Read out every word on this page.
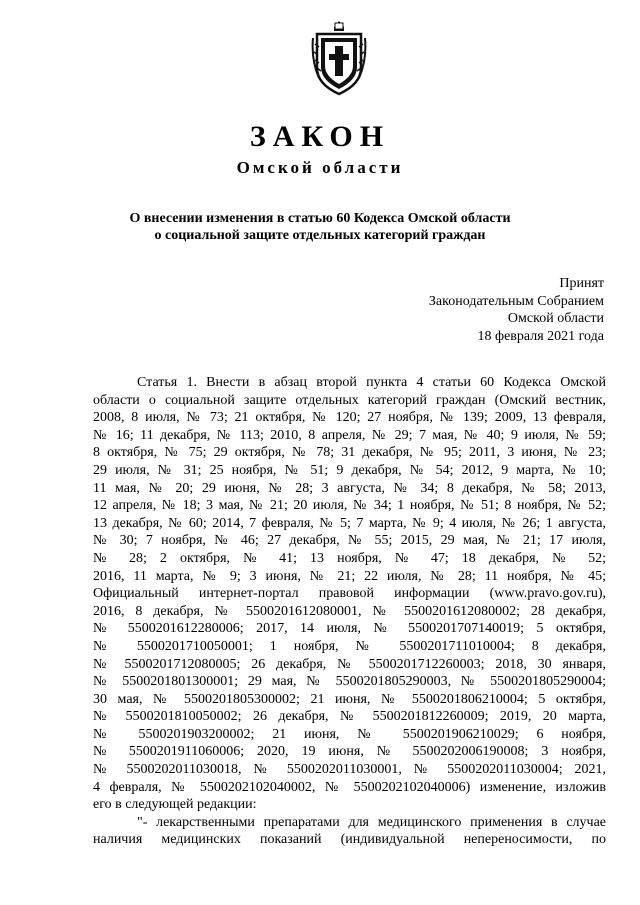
ЗАКОН
Омской области
О внесении изменения в статью 60 Кодекса Омской области
о социальной защите отдельных категорий граждан
Принят
Законодательным Собранием
Омской области
18 февраля 2021 года
Статья 1. Внести в абзац второй пункта 4 статьи 60 Кодекса Омской
области о социальной защите отдельных категорий граждан (Омский вестник,
2008, 8 июля, № 73; 21 октября, № 120; 27 ноября, № 139; 2009, 13 февраля,
№ 16; 11 декабря, № 113; 2010, 8 апреля, № 29; 7 мая, № 40; 9 июля, № 59;
8 октября, № 75; 29 октября, № 78; 31 декабря, № 95; 2011, 3 июня, № 23;
29 июля, № 31; 25 ноября, № 51; 9 декабря, № 54; 2012, 9 марта, № 10;
11 мая, № 20; 29 июня, № 28; 3 августа, № 34; 8 декабря, № 58; 2013,
12 апреля, № 18; 3 мая, № 21; 20 июля, № 34; 1 ноября, № 51; 8 ноября, № 52;
13 декабря, № 60; 2014, 7 февраля, № 5; 7 марта, № 9; 4 июля, № 26; 1 августа,
№ 30; 7 ноября, № 46; 27 декабря, № 55; 2015, 29 мая, № 21; 17 июля,
№ 28; 2 октября, № 41; 13 ноября, № 47; 18 декабря, № 52;
2016, 11 марта, № 9; 3 июня, № 21; 22 июля, № 28; 11 ноября, № 45;
Официальный интернет-портал правовой информации (www.pravo.gov.ru),
2016, 8 декабря, № 5500201612080001, № 5500201612080002; 28 декабря,
№ 5500201612280006; 2017, 14 июля, № 5500201707140019; 5 октября,
№ 5500201710050001; 1 ноября, № 5500201711010004; 8 декабря,
№ 5500201712080005; 26 декабря, № 5500201712260003; 2018, 30 января,
№ 5500201801300001; 29 мая, № 5500201805290003, № 5500201805290004;
30 мая, № 5500201805300002; 21 июня, № 5500201806210004; 5 октября,
№ 5500201810050002; 26 декабря, № 5500201812260009; 2019, 20 марта,
№ 5500201903200002; 21 июня, № 5500201906210029; 6 ноября,
№ 5500201911060006; 2020, 19 июня, № 5500202006190008; 3 ноября,
№ 5500202011030018, № 5500202011030001, № 5500202011030004; 2021,
4 февраля, № 5500202102040002, № 5500202102040006) изменение, изложив
его в следующей редакции:
"- лекарственными препаратами для медицинского применения в случае
наличия медицинских показаний (индивидуальной непереносимости, по
